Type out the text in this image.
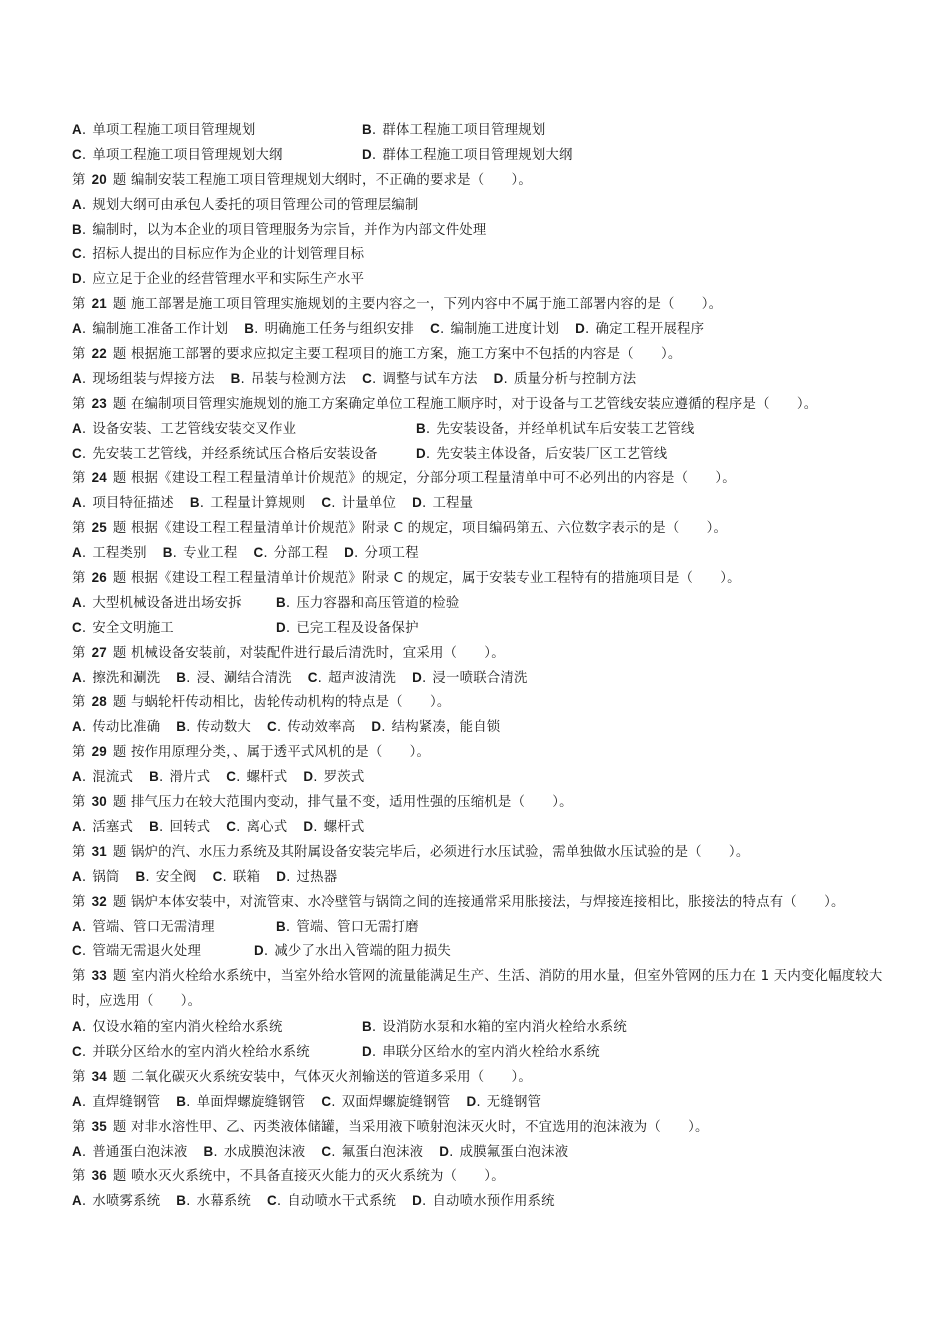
A. 单项工程施工项目管理规划	B. 群体工程施工项目管理规划
C. 单项工程施工项目管理规划大纲	D. 群体工程施工项目管理规划大纲
第 20 题 编制安装工程施工项目管理规划大纲时，不正确的要求是（　　）。
A. 规划大纲可由承包人委托的项目管理公司的管理层编制
B. 编制时，以为本企业的项目管理服务为宗旨，并作为内部文件处理
C. 招标人提出的目标应作为企业的计划管理目标
D. 应立足于企业的经营管理水平和实际生产水平
第 21 题 施工部署是施工项目管理实施规划的主要内容之一，下列内容中不属于施工部署内容的是（　　）。
A. 编制施工准备工作计划 B. 明确施工任务与组织安排 C. 编制施工进度计划 D. 确定工程开展程序
第 22 题 根据施工部署的要求应拟定主要工程项目的施工方案，施工方案中不包括的内容是（　　）。
A. 现场组装与焊接方法 B. 吊装与检测方法 C. 调整与试车方法 D. 质量分析与控制方法
第 23 题 在编制项目管理实施规划的施工方案确定单位工程施工顺序时，对于设备与工艺管线安装应遵循的程序是（　　）。
A. 设备安装、工艺管线安装交叉作业	B. 先安装设备，并经单机试车后安装工艺管线
C. 先安装工艺管线，并经系统试压合格后安装设备	D. 先安装主体设备，后安装厂区工艺管线
第 24 题 根据《建设工程工程量清单计价规范》的规定，分部分项工程量清单中可不必列出的内容是（　　）。
A. 项目特征描述 B. 工程量计算规则 C. 计量单位 D. 工程量
第 25 题 根据《建设工程工程量清单计价规范》附录 C 的规定，项目编码第五、六位数字表示的是（　　）。
A. 工程类别 B. 专业工程 C. 分部工程 D. 分项工程
第 26 题 根据《建设工程工程量清单计价规范》附录 C 的规定，属于安装专业工程特有的措施项目是（　　）。
A. 大型机械设备进出场安拆	B. 压力容器和高压管道的检验
C. 安全文明施工	D. 已完工程及设备保护
第 27 题 机械设备安装前，对装配件进行最后清洗时，宜采用（　　）。
A. 擦洗和涮洗 B. 浸、涮结合清洗 C. 超声波清洗 D. 浸一喷联合清洗
第 28 题 与蜗轮杆传动相比，齿轮传动机构的特点是（　　）。
A. 传动比准确 B. 传动数大 C. 传动效率高 D. 结构紧凑，能自锁
第 29 题 按作用原理分类，、属于透平式风机的是（　　）。
A. 混流式 B. 滑片式 C. 螺杆式 D. 罗茨式
第 30 题 排气压力在较大范围内变动，排气量不变，适用性强的压缩机是（　　）。
A. 活塞式 B. 回转式 C. 离心式 D. 螺杆式
第 31 题 锅炉的汽、水压力系统及其附属设备安装完毕后，必须进行水压试验，需单独做水压试验的是（　　）。
A. 锅筒 B. 安全阀 C. 联箱 D. 过热器
第 32 题 锅炉本体安装中，对流管束、水冷壁管与锅筒之间的连接通常采用胀接法，与焊接连接相比，胀接法的特点有（　　）。
A. 管端、管口无需清理	B. 管端、管口无需打磨
C. 管端无需退火处理	D. 减少了水出入管端的阻力损失
第 33 题 室内消火栓给水系统中，当室外给水管网的流量能满足生产、生活、消防的用水量，但室外管网的压力在 1 天内变化幅度较大时，应选用（　　）。
A. 仅设水箱的室内消火栓给水系统	B. 设消防水泵和水箱的室内消火栓给水系统
C. 并联分区给水的室内消火栓给水系统	D. 串联分区给水的室内消火栓给水系统
第 34 题 二氧化碳灭火系统安装中，气体灭火剂输送的管道多采用（　　）。
A. 直焊缝钢管 B. 单面焊螺旋缝钢管 C. 双面焊螺旋缝钢管 D. 无缝钢管
第 35 题 对非水溶性甲、乙、丙类液体储罐，当采用液下喷射泡沫灭火时，不宜选用的泡沫液为（　　）。
A. 普通蛋白泡沫液 B. 水成膜泡沫液 C. 氟蛋白泡沫液 D. 成膜氟蛋白泡沫液
第 36 题 喷水灭火系统中，不具备直接灭火能力的灭火系统为（　　）。
A. 水喷雾系统 B. 水幕系统 C. 自动喷水干式系统 D. 自动喷水预作用系统
